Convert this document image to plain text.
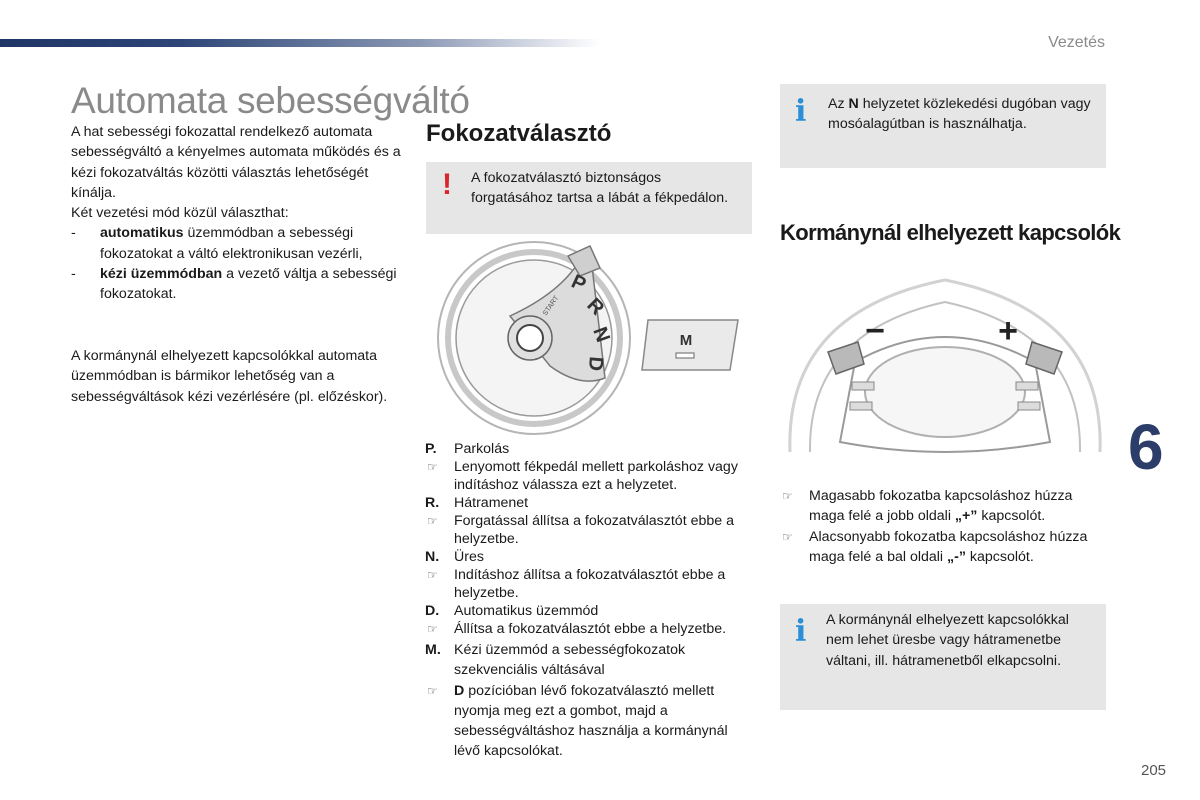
Vezetés
Automata sebességváltó

A hat sebességi fokozattal rendelkező automata sebességváltó a kényelmes automata működés és a kézi fokozatváltás közötti választás lehetőségét kínálja.

Két vezetési mód közül választhat:

- automatikus üzemmódban a sebességi fokozatokat a váltó elektronikusan vezérli,
- kézi üzemmódban a vezető váltja a sebességi fokozatokat.
A kormánynál elhelyezett kapcsolókkal automata üzemmódban is bármikor lehetőség van a sebességváltások kézi vezérlésére (pl. előzéskor).
Fokozatválasztó
! A fokozatválasztó biztonságos forgatásához tartsa a lábát a fékpedálon.
P
R
N
D
START
M
P. Parkolás
☞ Lenyomott fékpedál mellett parkoláshoz vagy indításhoz válassza ezt a helyzetet.
R. Hátramenet
☞ Forgatással állítsa a fokozatválasztót ebbe a helyzetbe.
N. Üres
☞ Indításhoz állítsa a fokozatválasztót ebbe a helyzetbe.
D. Automatikus üzemmód
☞ Állítsa a fokozatválasztót ebbe a helyzetbe.
M. Kézi üzemmód a sebességfokozatok szekvenciális váltásával
☞ D pozícióban lévő fokozatválasztó mellett nyomja meg ezt a gombot, majd a sebességváltáshoz használja a kormánynál lévő kapcsolókat.
i Az N helyzetet közlekedési dugóban vagy mosóalagútban is használhatja.
Kormánynál elhelyezett kapcsolók
−	+
☞ Magasabb fokozatba kapcsoláshoz húzza maga felé a jobb oldali „+” kapcsolót.
☞ Alacsonyabb fokozatba kapcsoláshoz húzza maga felé a bal oldali „-” kapcsolót.
i A kormánynál elhelyezett kapcsolókkal nem lehet üresbe vagy hátramenetbe váltani, ill. hátramenetből elkapcsolni.
6
205
